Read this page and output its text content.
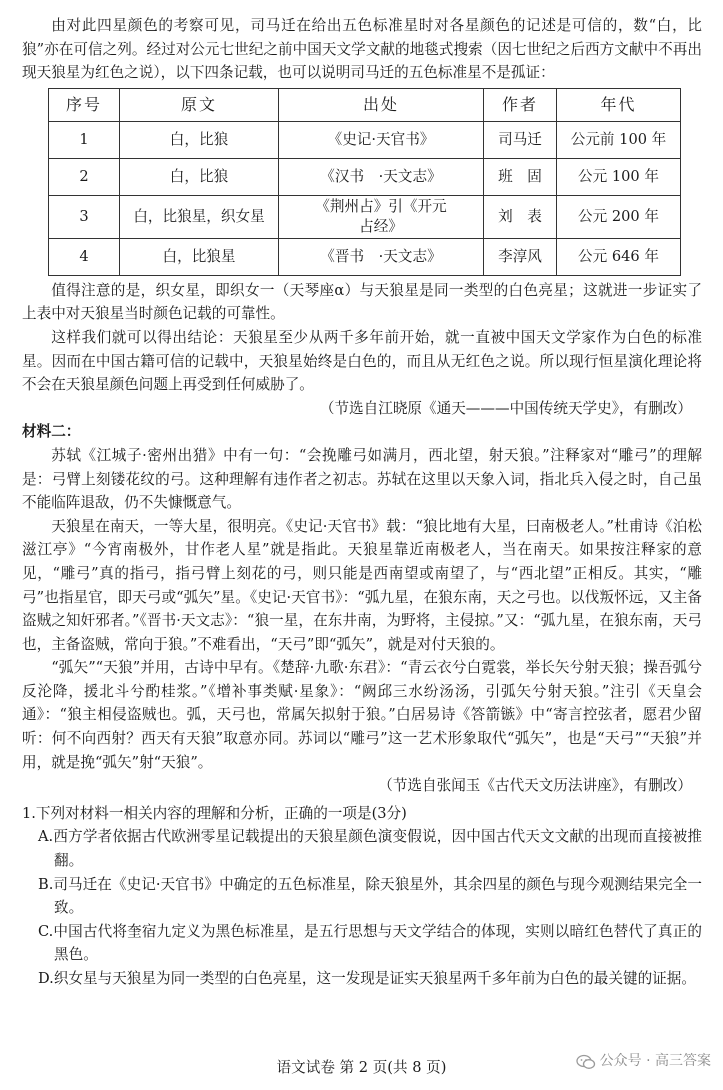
由对此四星颜色的考察可见，司马迁在给出五色标准星时对各星颜色的记述是可信的，数“白，比狼”亦在可信之列。经过对公元七世纪之前中国天文学文献的地毯式搜索（因七世纪之后西方文献中不再出现天狼星为红色之说），以下四条记载，也可以说明司马迁的五色标准星不是孤证：

序号	原文	出处	作者	年代
1	白，比狼	《史记·天官书》	司马迁	公元前 100 年
2	白，比狼	《汉书　·天文志》	班　固	公元 100 年
3	白，比狼星，织女星	《荆州占》引《开元占经》	刘　表	公元 200 年
4	白，比狼星	《晋书　·天文志》	李淳风	公元 646 年

值得注意的是，织女星，即织女一（天琴座α）与天狼星是同一类型的白色亮星；这就进一步证实了上表中对天狼星当时颜色记载的可靠性。

这样我们就可以得出结论：天狼星至少从两千多年前开始，就一直被中国天文学家作为白色的标准星。因而在中国古籍可信的记载中，天狼星始终是白色的，而且从无红色之说。所以现行恒星演化理论将不会在天狼星颜色问题上再受到任何威胁了。

（节选自江晓原《通天———中国传统天学史》，有删改）

材料二：

苏轼《江城子·密州出猎》中有一句：“会挽雕弓如满月，西北望，射天狼。”注释家对“雕弓”的理解是：弓臂上刻镂花纹的弓。这种理解有违作者之初志。苏轼在这里以天象入词，指北兵入侵之时，自己虽不能临阵退敌，仍不失慷慨意气。

天狼星在南天，一等大星，很明亮。《史记·天官书》载：“狼比地有大星，曰南极老人。”杜甫诗《泊松滋江亭》“今宵南极外，甘作老人星”就是指此。天狼星靠近南极老人，当在南天。如果按注释家的意见，“雕弓”真的指弓，指弓臂上刻花的弓，则只能是西南望或南望了，与“西北望”正相反。其实，“雕弓”也指星官，即天弓或“弧矢”星。《史记·天官书》：“弧九星，在狼东南，天之弓也。以伐叛怀远，又主备盗贼之知奸邪者。”《晋书·天文志》：“狼一星，在东井南，为野将，主侵掠。”又：“弧九星，在狼东南，天弓也，主备盗贼，常向于狼。”不难看出，“天弓”即“弧矢”，就是对付天狼的。

“弧矢”“天狼”并用，古诗中早有。《楚辞·九歌·东君》：“青云衣兮白霓裳，举长矢兮射天狼；操吾弧兮反沦降，援北斗兮酌桂浆。”《增补事类赋·星象》：“阙邱三水纷汤汤，引弧矢兮射天狼。”注引《天皇会通》：“狼主相侵盗贼也。弧，天弓也，常属矢拟射于狼。”白居易诗《答箭镞》中“寄言控弦者，愿君少留听：何不向西射？西天有天狼”取意亦同。苏词以“雕弓”这一艺术形象取代“弧矢”，也是“天弓”“天狼”并用，就是挽“弧矢”射“天狼”。

（节选自张闻玉《古代天文历法讲座》，有删改）

1.下列对材料一相关内容的理解和分析，正确的一项是(3分)

A.西方学者依据古代欧洲零星记载提出的天狼星颜色演变假说，因中国古代天文文献的出现而直接被推翻。

B.司马迁在《史记·天官书》中确定的五色标准星，除天狼星外，其余四星的颜色与现今观测结果完全一致。

C.中国古代将奎宿九定义为黑色标准星，是五行思想与天文学结合的体现，实则以暗红色替代了真正的黑色。

D.织女星与天狼星为同一类型的白色亮星，这一发现是证实天狼星两千多年前为白色的最关键的证据。

语文试卷 第 2 页(共 8 页)	公众号 · 高三答案
